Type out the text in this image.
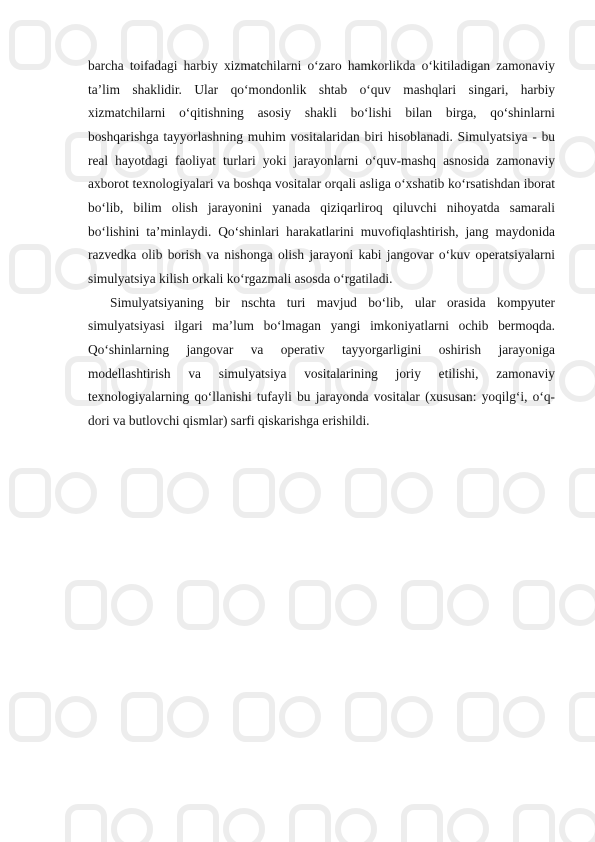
barcha toifadagi harbiy xizmatchilarni o‘zaro hamkorlikda o‘kitiladigan zamonaviy ta’lim shaklidir. Ular qo‘mondonlik shtab o‘quv mashqlari singari, harbiy xizmatchilarni o‘qitishning asosiy shakli bo‘lishi bilan birga, qo‘shinlarni boshqarishga tayyorlashning muhim vositalaridan biri hisoblanadi. Simulyatsiya - bu real hayotdagi faoliyat turlari yoki jarayonlarni o‘quv-mashq asnosida zamonaviy axborot texnologiyalari va boshqa vositalar orqali asliga o‘xshatib ko‘rsatishdan iborat bo‘lib, bilim olish jarayonini yanada qiziqarliroq qiluvchi nihoyatda samarali bo‘lishini ta’minlaydi. Qo‘shinlari harakatlarini muvofiqlashtirish, jang maydonida razvedka olib borish va nishonga olish jarayoni kabi jangovar o‘kuv operatsiyalarni simulyatsiya kilish orkali ko‘rgazmali asosda o‘rgatiladi.

Simulyatsiyaning bir nschta turi mavjud bo‘lib, ular orasida kompyuter simulyatsiyasi ilgari ma’lum bo‘lmagan yangi imkoniyatlarni ochib bermoqda. Qo‘shinlarning jangovar va operativ tayyorgarligini oshirish jarayoniga modellashtirish va simulyatsiya vositalarining joriy etilishi, zamonaviy texnologiyalarning qo‘llanishi tufayli bu jarayonda vositalar (xususan: yoqilg‘i, o‘q-dori va butlovchi qismlar) sarfi qiskarishga erishildi.
